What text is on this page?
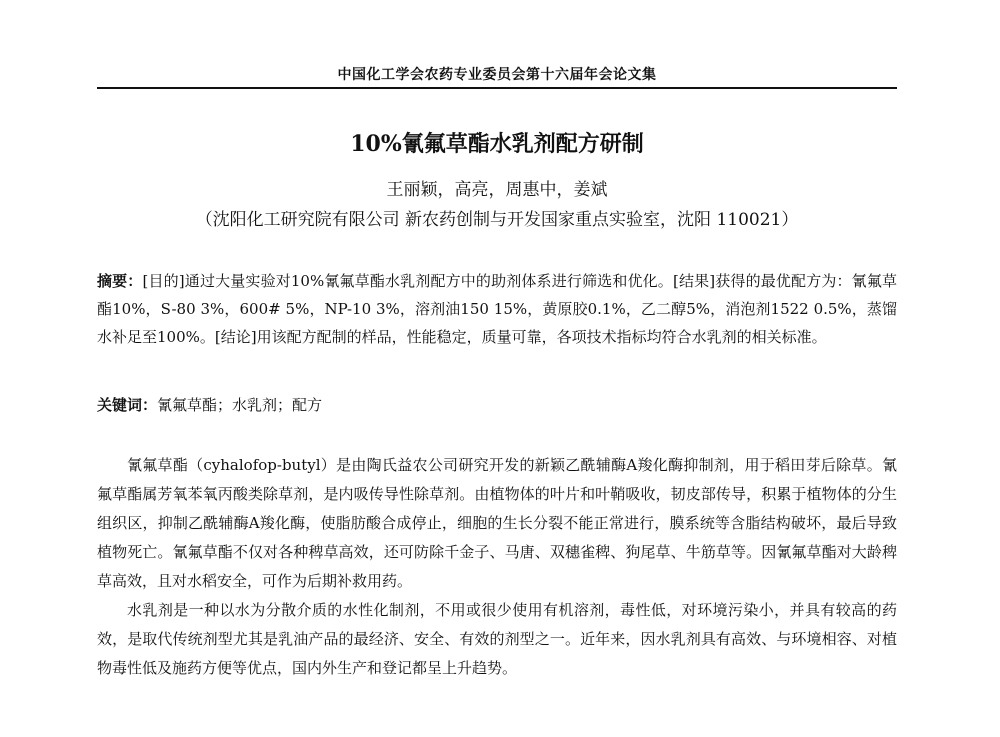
中国化工学会农药专业委员会第十六届年会论文集
10%氰氟草酯水乳剂配方研制
王丽颖，高亮，周惠中，姜斌
（沈阳化工研究院有限公司 新农药创制与开发国家重点实验室，沈阳 110021）
摘要：[目的]通过大量实验对10%氰氟草酯水乳剂配方中的助剂体系进行筛选和优化。[结果]获得的最优配方为：氰氟草酯10%，S-80 3%，600# 5%，NP-10 3%，溶剂油150 15%，黄原胶0.1%，乙二醇5%，消泡剂1522 0.5%，蒸馏水补足至100%。[结论]用该配方配制的样品，性能稳定，质量可靠，各项技术指标均符合水乳剂的相关标准。
关键词：氰氟草酯；水乳剂；配方

氰氟草酯（cyhalofop-butyl）是由陶氏益农公司研究开发的新颖乙酰辅酶A羧化酶抑制剂，用于稻田芽后除草。氰氟草酯属芳氧苯氧丙酸类除草剂，是内吸传导性除草剂。由植物体的叶片和叶鞘吸收，韧皮部传导，积累于植物体的分生组织区，抑制乙酰辅酶A羧化酶，使脂肪酸合成停止，细胞的生长分裂不能正常进行，膜系统等含脂结构破坏，最后导致植物死亡。氰氟草酯不仅对各种稗草高效，还可防除千金子、马唐、双穗雀稗、狗尾草、牛筋草等。因氰氟草酯对大龄稗草高效，且对水稻安全，可作为后期补救用药。

水乳剂是一种以水为分散介质的水性化制剂，不用或很少使用有机溶剂，毒性低，对环境污染小，并具有较高的药效，是取代传统剂型尤其是乳油产品的最经济、安全、有效的剂型之一。近年来，因水乳剂具有高效、与环境相容、对植物毒性低及施药方便等优点，国内外生产和登记都呈上升趋势。
